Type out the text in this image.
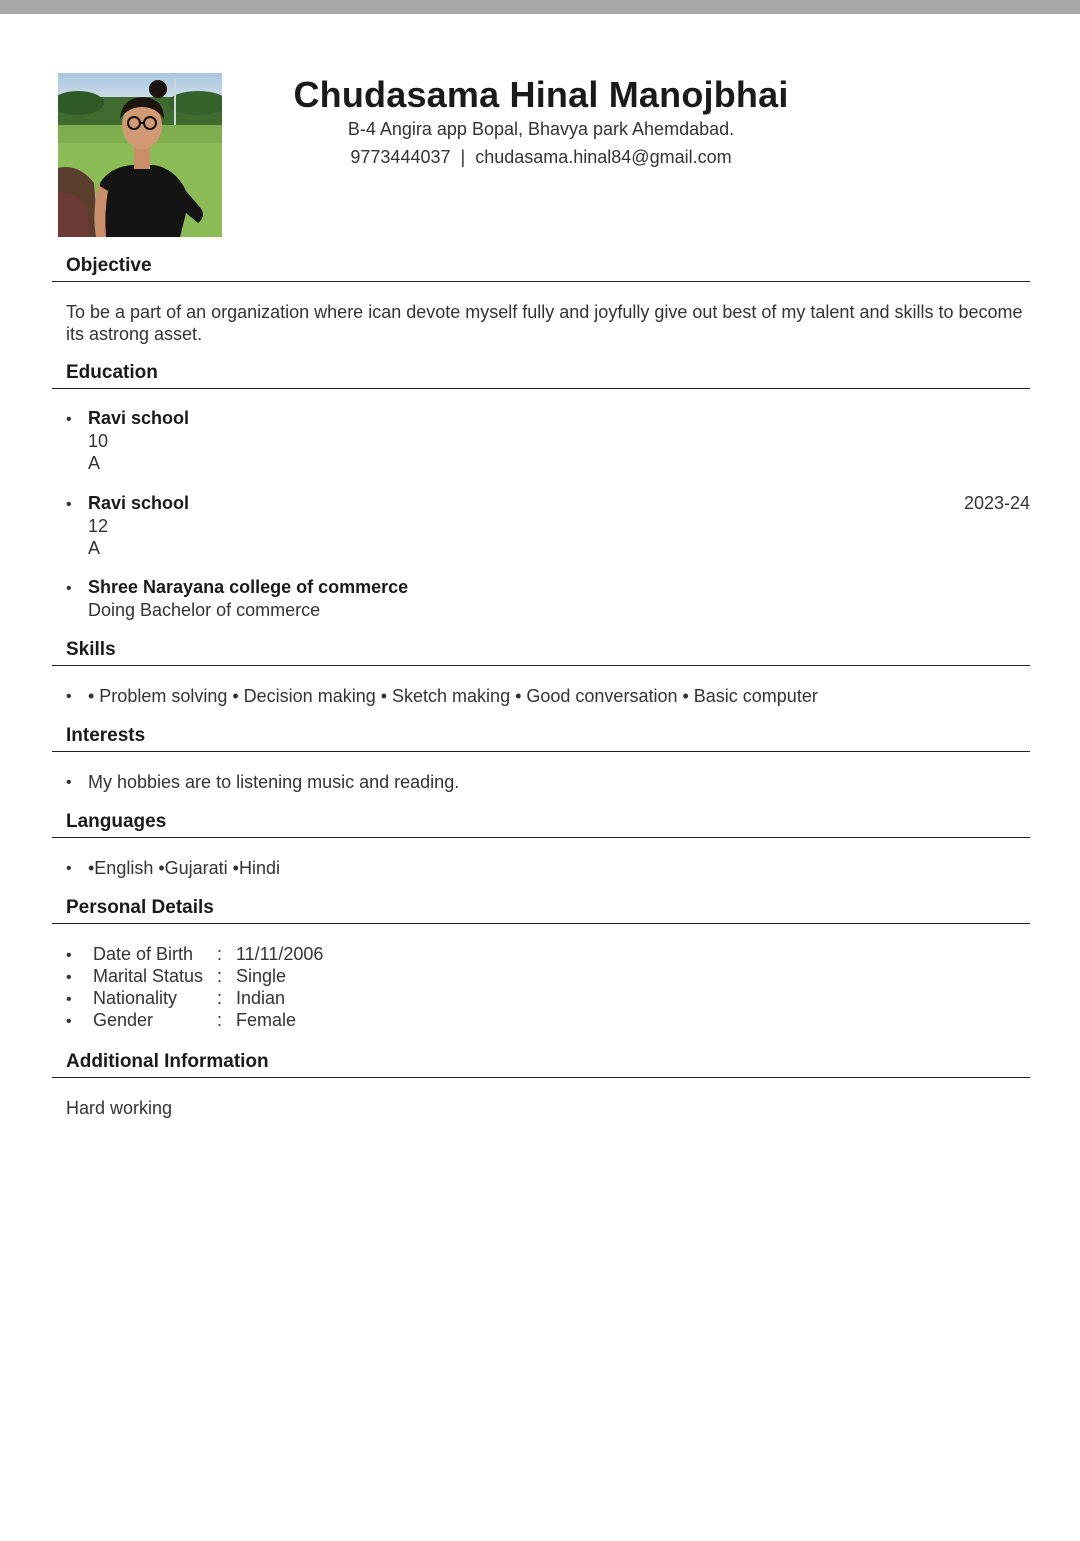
Chudasama Hinal Manojbhai
B-4 Angira app Bopal, Bhavya park Ahemdabad.
9773444037 | chudasama.hinal84@gmail.com
Objective
To be a part of an organization where ican devote myself fully and joyfully give out best of my talent and skills to become its astrong asset.
Education
• Ravi school
10
A
• Ravi school	2023-24
12
A
• Shree Narayana college of commerce
Doing Bachelor of commerce
Skills
• • Problem solving • Decision making • Sketch making • Good conversation • Basic computer
Interests
• My hobbies are to listening music and reading.
Languages
• •English •Gujarati •Hindi
Personal Details
• Date of Birth : 11/11/2006
• Marital Status : Single
• Nationality : Indian
• Gender	: Female
Additional Information
Hard working
